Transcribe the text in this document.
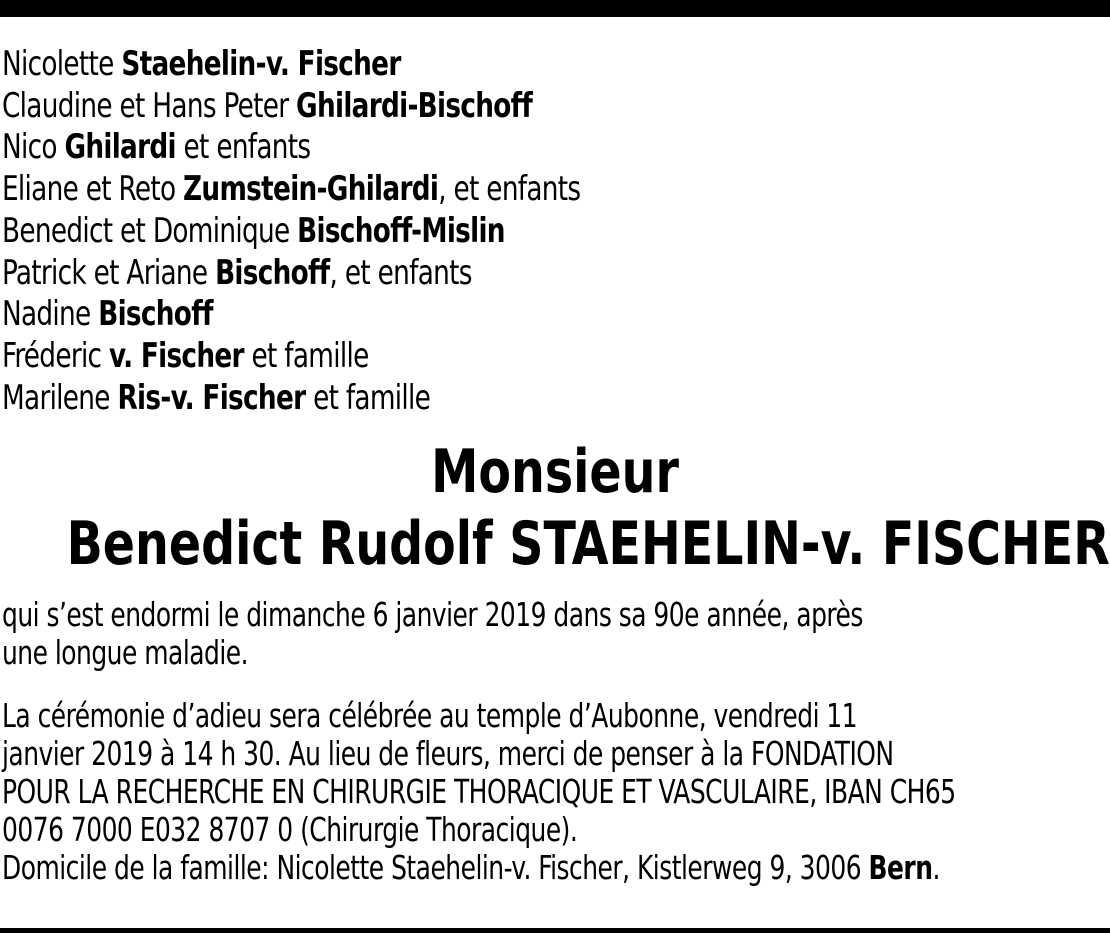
Nicolette Staehelin-v. Fischer
Claudine et Hans Peter Ghilardi-Bischoff
Nico Ghilardi et enfants
Eliane et Reto Zumstein-Ghilardi, et enfants
Benedict et Dominique Bischoff-Mislin
Patrick et Ariane Bischoff, et enfants
Nadine Bischoff
Fréderic v. Fischer et famille
Marilene Ris-v. Fischer et famille
Monsieur
Benedict Rudolf STAEHELIN-v. FISCHER
qui s’est endormi le dimanche 6 janvier 2019 dans sa 90e année, après
une longue maladie.
La cérémonie d’adieu sera célébrée au temple d’Aubonne, vendredi 11
janvier 2019 à 14 h 30. Au lieu de fleurs, merci de penser à la FONDATION
POUR LA RECHERCHE EN CHIRURGIE THORACIQUE ET VASCULAIRE, IBAN CH65
0076 7000 E032 8707 0 (Chirurgie Thoracique).
Domicile de la famille: Nicolette Staehelin-v. Fischer, Kistlerweg 9, 3006 Bern.
